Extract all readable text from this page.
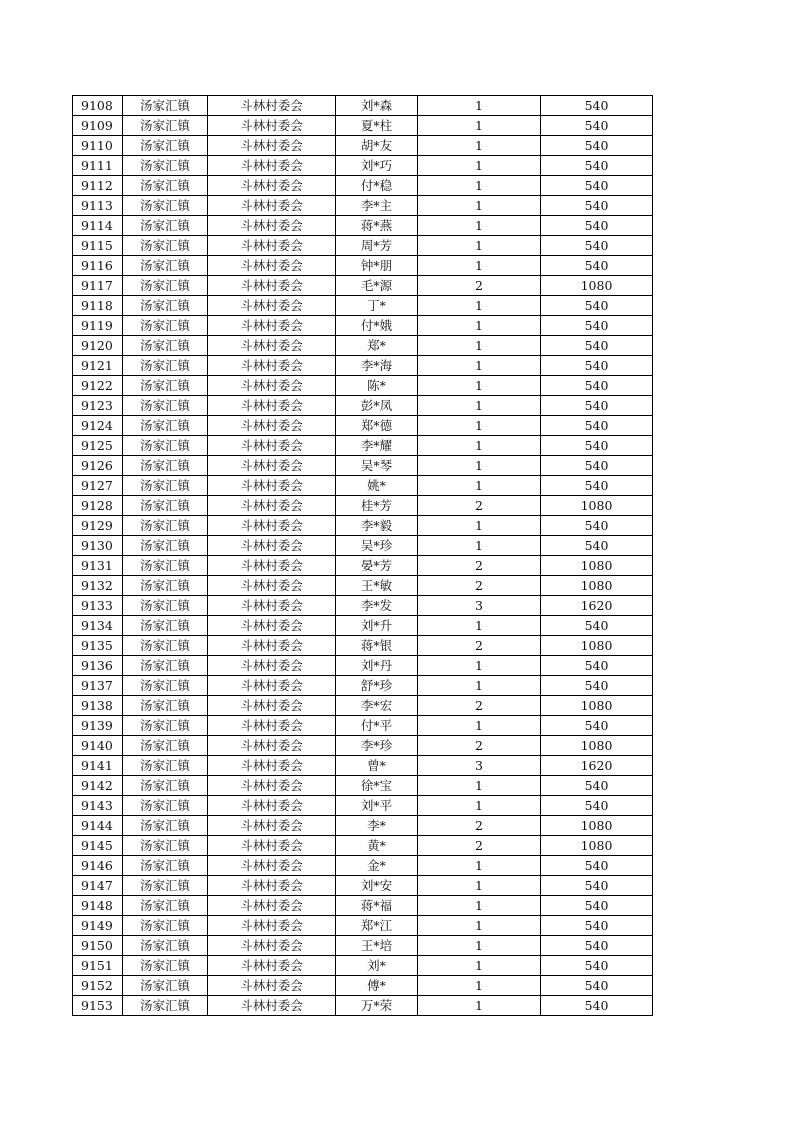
9108	汤家汇镇	斗林村委会	刘*森	1	540
9109	汤家汇镇	斗林村委会	夏*柱	1	540
9110	汤家汇镇	斗林村委会	胡*友	1	540
9111	汤家汇镇	斗林村委会	刘*巧	1	540
9112	汤家汇镇	斗林村委会	付*稳	1	540
9113	汤家汇镇	斗林村委会	李*主	1	540
9114	汤家汇镇	斗林村委会	蒋*燕	1	540
9115	汤家汇镇	斗林村委会	周*芳	1	540
9116	汤家汇镇	斗林村委会	钟*朋	1	540
9117	汤家汇镇	斗林村委会	毛*源	2	1080
9118	汤家汇镇	斗林村委会	丁*	1	540
9119	汤家汇镇	斗林村委会	付*娥	1	540
9120	汤家汇镇	斗林村委会	郑*	1	540
9121	汤家汇镇	斗林村委会	李*海	1	540
9122	汤家汇镇	斗林村委会	陈*	1	540
9123	汤家汇镇	斗林村委会	彭*凤	1	540
9124	汤家汇镇	斗林村委会	郑*德	1	540
9125	汤家汇镇	斗林村委会	李*耀	1	540
9126	汤家汇镇	斗林村委会	吴*琴	1	540
9127	汤家汇镇	斗林村委会	姚*	1	540
9128	汤家汇镇	斗林村委会	桂*芳	2	1080
9129	汤家汇镇	斗林村委会	李*毅	1	540
9130	汤家汇镇	斗林村委会	吴*珍	1	540
9131	汤家汇镇	斗林村委会	晏*芳	2	1080
9132	汤家汇镇	斗林村委会	王*敏	2	1080
9133	汤家汇镇	斗林村委会	李*发	3	1620
9134	汤家汇镇	斗林村委会	刘*升	1	540
9135	汤家汇镇	斗林村委会	蒋*银	2	1080
9136	汤家汇镇	斗林村委会	刘*丹	1	540
9137	汤家汇镇	斗林村委会	舒*珍	1	540
9138	汤家汇镇	斗林村委会	李*宏	2	1080
9139	汤家汇镇	斗林村委会	付*平	1	540
9140	汤家汇镇	斗林村委会	李*珍	2	1080
9141	汤家汇镇	斗林村委会	曾*	3	1620
9142	汤家汇镇	斗林村委会	徐*宝	1	540
9143	汤家汇镇	斗林村委会	刘*平	1	540
9144	汤家汇镇	斗林村委会	李*	2	1080
9145	汤家汇镇	斗林村委会	黄*	2	1080
9146	汤家汇镇	斗林村委会	金*	1	540
9147	汤家汇镇	斗林村委会	刘*安	1	540
9148	汤家汇镇	斗林村委会	蒋*福	1	540
9149	汤家汇镇	斗林村委会	郑*江	1	540
9150	汤家汇镇	斗林村委会	王*培	1	540
9151	汤家汇镇	斗林村委会	刘*	1	540
9152	汤家汇镇	斗林村委会	傅*	1	540
9153	汤家汇镇	斗林村委会	万*荣	1	540
